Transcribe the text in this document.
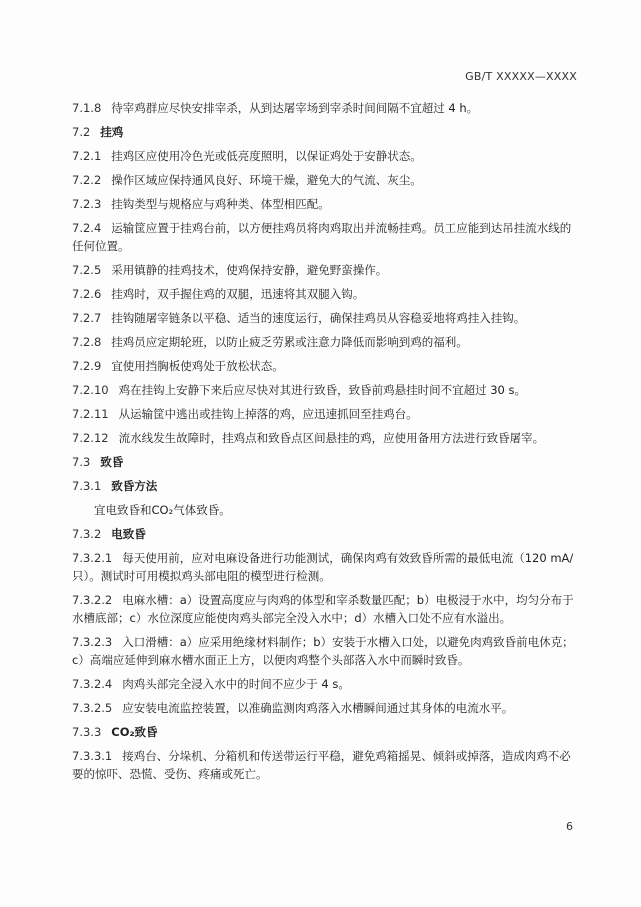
GB/T XXXXX—XXXX
7.1.8 待宰鸡群应尽快安排宰杀，从到达屠宰场到宰杀时间间隔不宜超过 4 h。
7.2 挂鸡
7.2.1 挂鸡区应使用冷色光或低亮度照明，以保证鸡处于安静状态。
7.2.2 操作区域应保持通风良好、环境干燥，避免大的气流、灰尘。
7.2.3 挂钩类型与规格应与鸡种类、体型相匹配。
7.2.4 运输筐应置于挂鸡台前，以方便挂鸡员将肉鸡取出并流畅挂鸡。员工应能到达吊挂流水线的任何位置。
7.2.5 采用镇静的挂鸡技术，使鸡保持安静，避免野蛮操作。
7.2.6 挂鸡时，双手握住鸡的双腿，迅速将其双腿入钩。
7.2.7 挂钩随屠宰链条以平稳、适当的速度运行，确保挂鸡员从容稳妥地将鸡挂入挂钩。
7.2.8 挂鸡员应定期轮班，以防止疲乏劳累或注意力降低而影响到鸡的福利。
7.2.9 宜使用挡胸板使鸡处于放松状态。
7.2.10 鸡在挂钩上安静下来后应尽快对其进行致昏，致昏前鸡悬挂时间不宜超过 30 s。
7.2.11 从运输筐中逃出或挂钩上掉落的鸡，应迅速抓回至挂鸡台。
7.2.12 流水线发生故障时，挂鸡点和致昏点区间悬挂的鸡，应使用备用方法进行致昏屠宰。
7.3 致昏
7.3.1 致昏方法
宜电致昏和CO₂气体致昏。
7.3.2 电致昏
7.3.2.1 每天使用前，应对电麻设备进行功能测试，确保肉鸡有效致昏所需的最低电流（120 mA/只）。测试时可用模拟鸡头部电阻的模型进行检测。
7.3.2.2 电麻水槽：a）设置高度应与肉鸡的体型和宰杀数量匹配；b）电极浸于水中，均匀分布于水槽底部；c）水位深度应能使肉鸡头部完全没入水中；d）水槽入口处不应有水溢出。
7.3.2.3 入口滑槽：a）应采用绝缘材料制作；b）安装于水槽入口处，以避免肉鸡致昏前电休克；c）高端应延伸到麻水槽水面正上方，以便肉鸡整个头部落入水中而瞬时致昏。
7.3.2.4 肉鸡头部完全浸入水中的时间不应少于 4 s。
7.3.2.5 应安装电流监控装置，以准确监测肉鸡落入水槽瞬间通过其身体的电流水平。
7.3.3 CO₂致昏
7.3.3.1 接鸡台、分垛机、分箱机和传送带运行平稳，避免鸡箱摇晃、倾斜或掉落，造成肉鸡不必要的惊吓、恐慌、受伤、疼痛或死亡。
6
